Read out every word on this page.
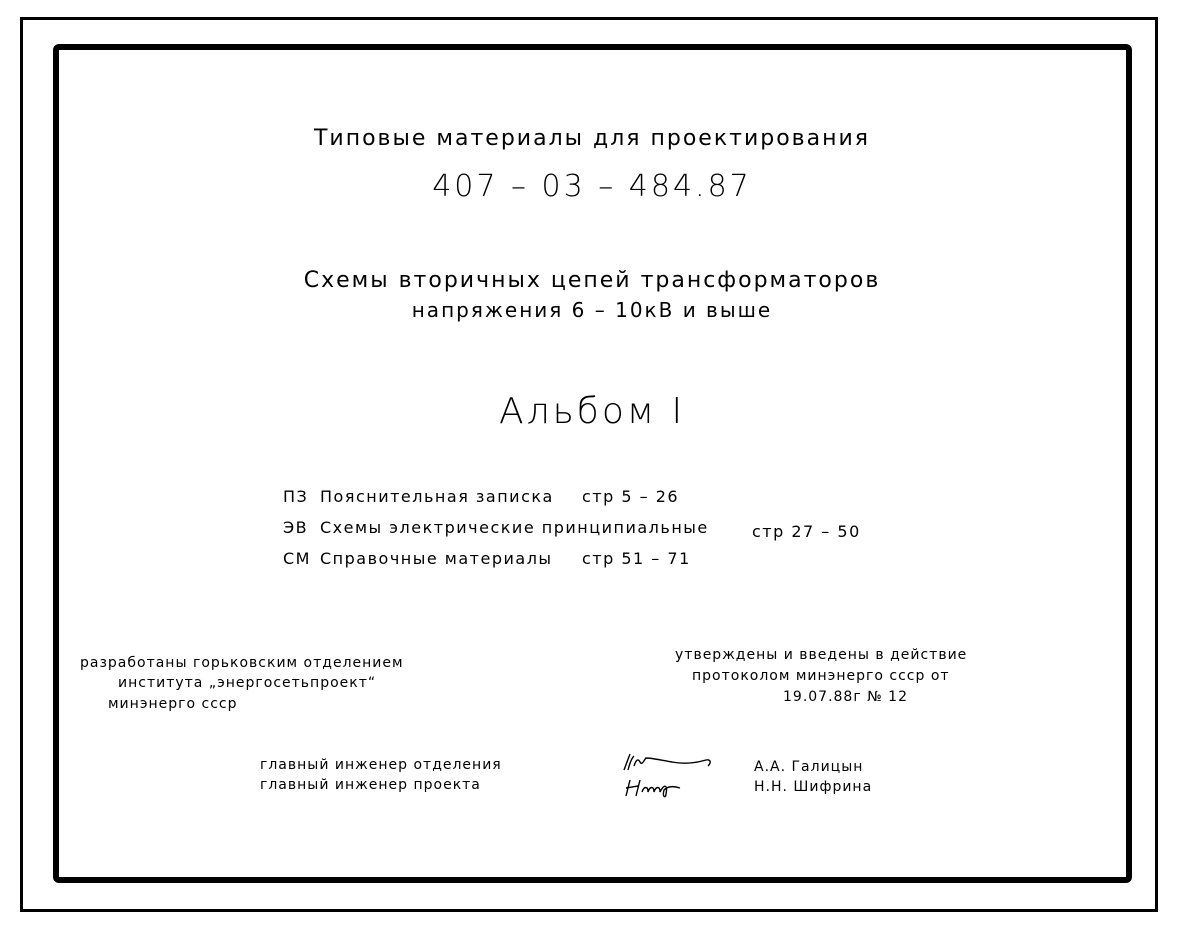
Типовые материалы для проектирования
407 – 03 – 484.87
Схемы вторичных цепей трансформаторов
напряжения 6 – 10кВ и выше
Альбом I
ПЗ Пояснительная записка стр 5 – 26
ЭВ Схемы электрические принципиальные	стр 27 – 50
СМ Справочные материалы стр 51 – 71
разработаны горьковским отделением
института „энергосетьпроект“
минэнерго ссср
утверждены и введены в действие
протоколом минэнерго ссср от
19.07.88г № 12
главный инженер отделения
главный инженер проекта
А.А. Галицын
Н.Н. Шифрина
